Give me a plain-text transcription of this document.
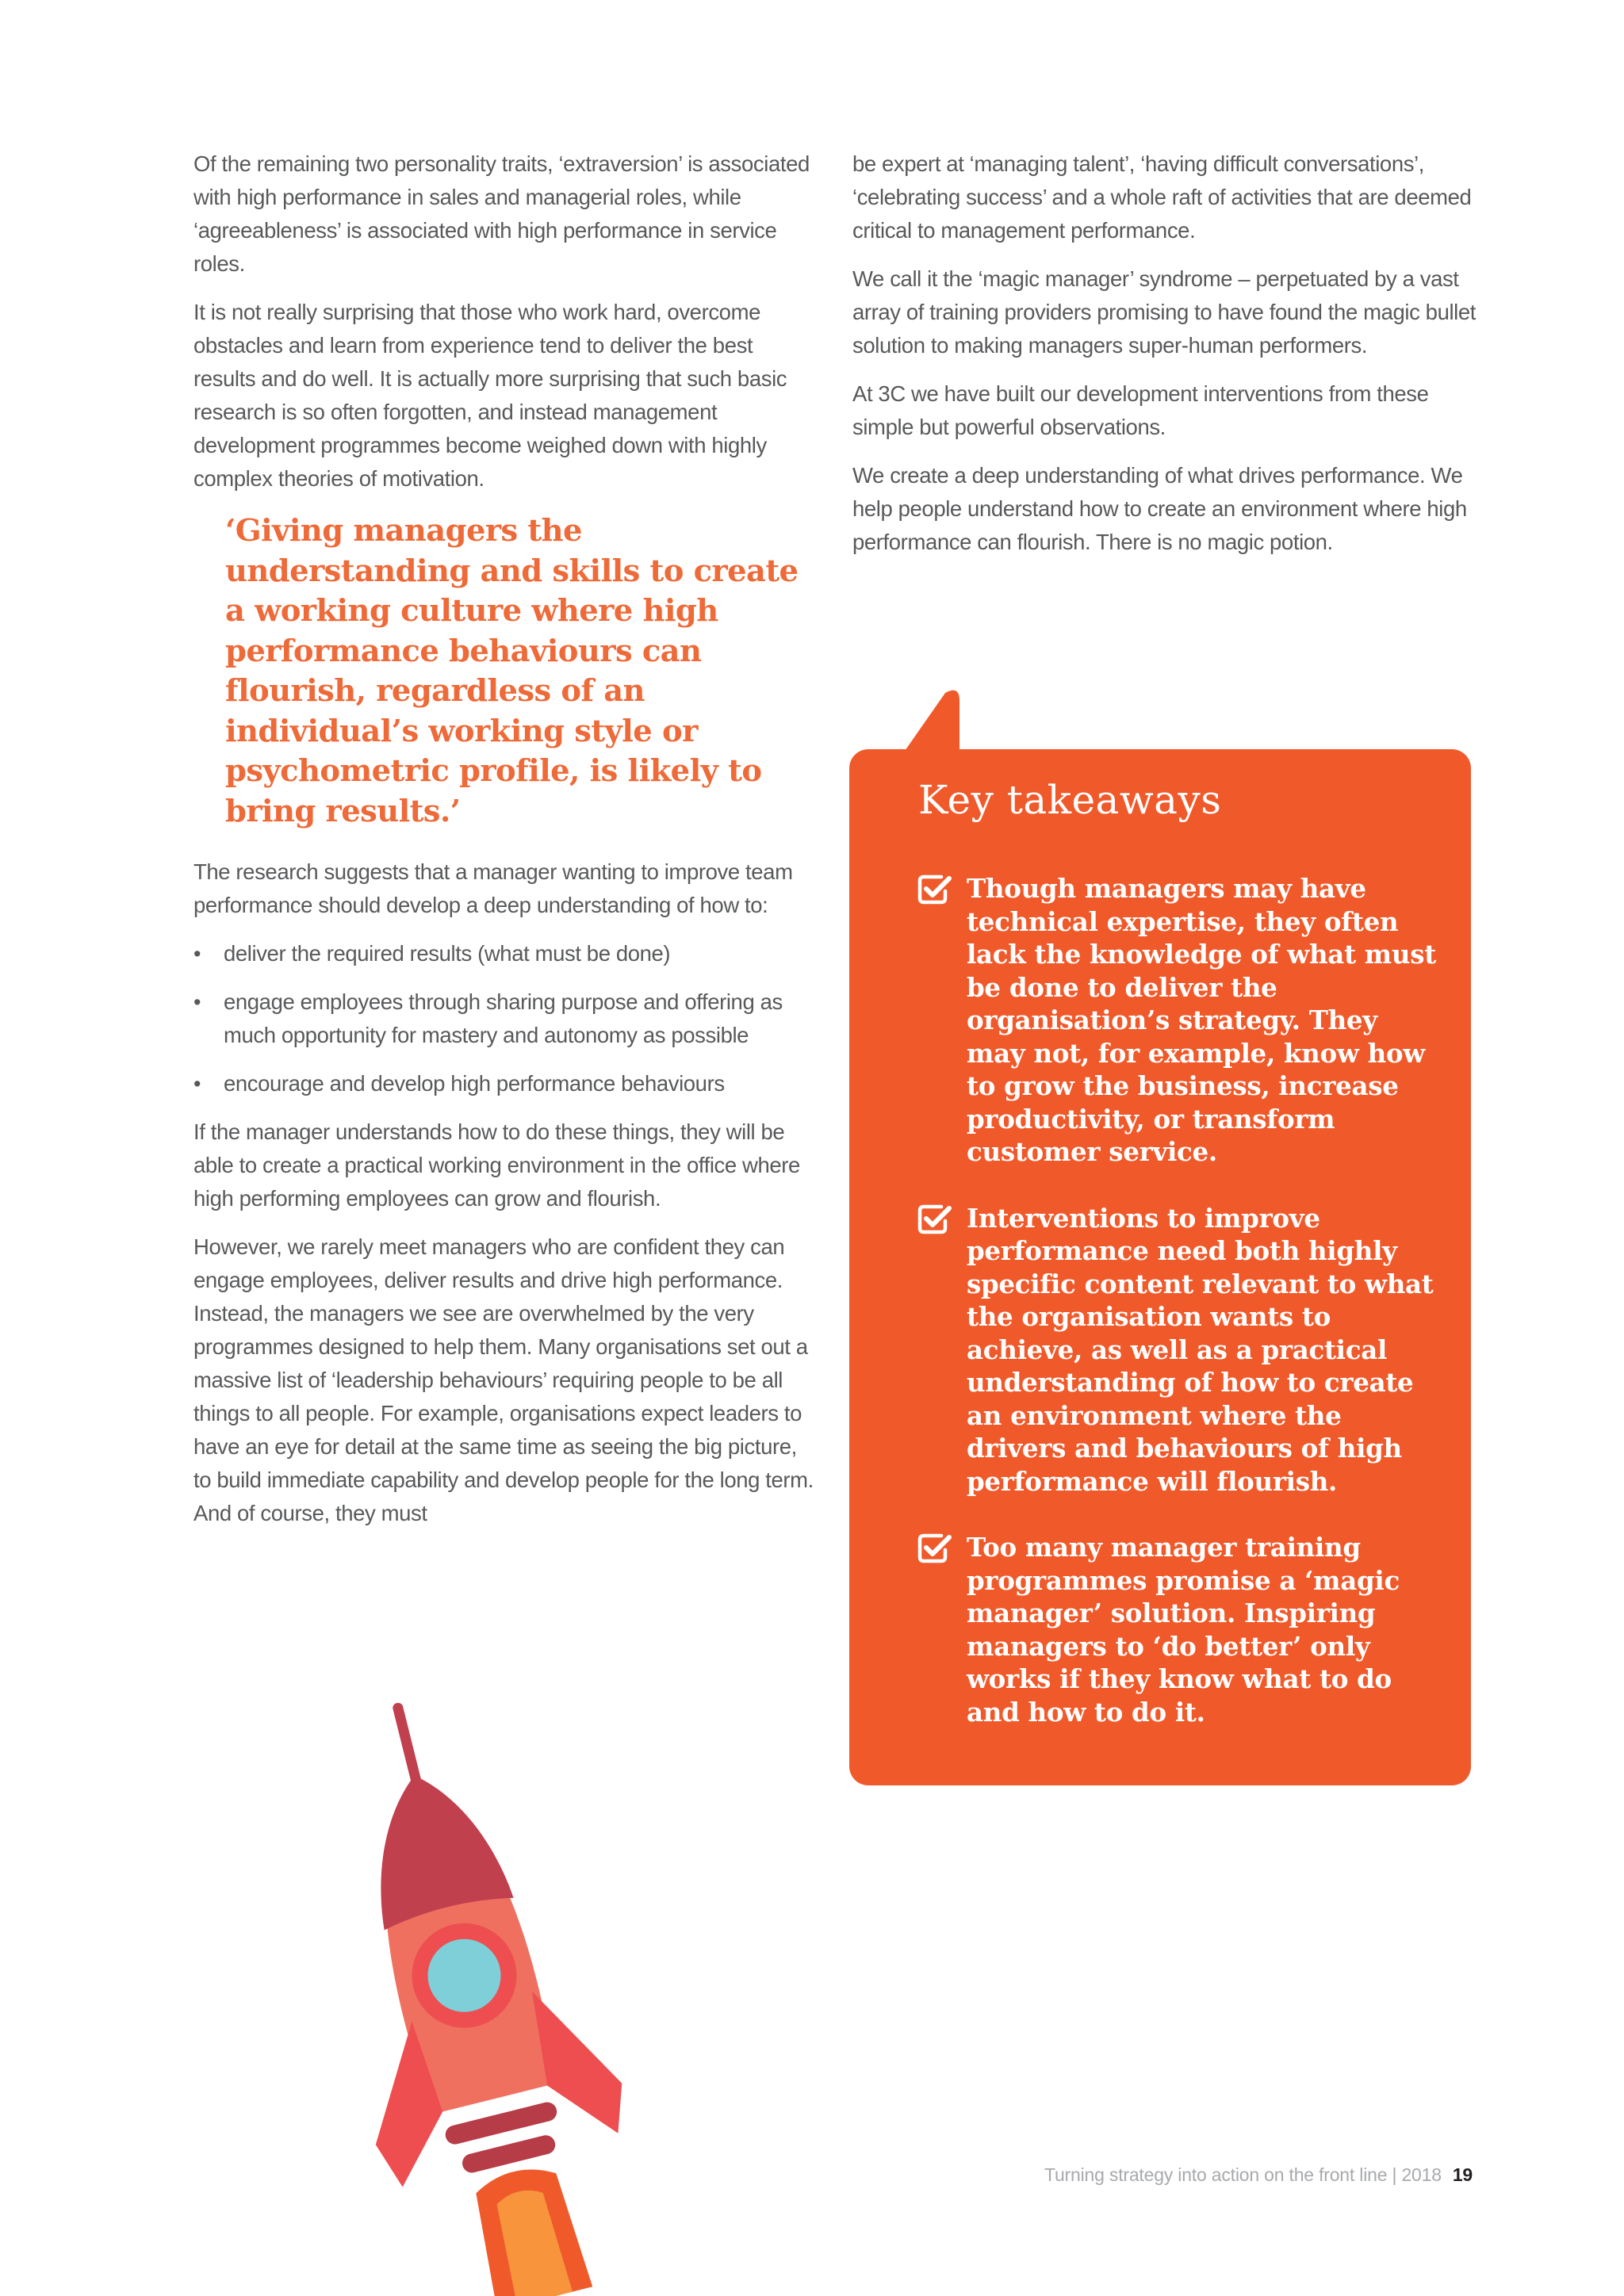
Of the remaining two personality traits, ‘extraversion’ is associated with high performance in sales and managerial roles, while ‘agreeableness’ is associated with high performance in service roles.

It is not really surprising that those who work hard, overcome obstacles and learn from experience tend to deliver the best results and do well. It is actually more surprising that such basic research is so often forgotten, and instead management development programmes become weighed down with highly complex theories of motivation.

‘Giving managers the understanding and skills to create a working culture where high performance behaviours can flourish, regardless of an individual’s working style or psychometric profile, is likely to bring results.’

The research suggests that a manager wanting to improve team performance should develop a deep understanding of how to:

• deliver the required results (what must be done)
• engage employees through sharing purpose and offering as much opportunity for mastery and autonomy as possible
• encourage and develop high performance behaviours

If the manager understands how to do these things, they will be able to create a practical working environment in the office where high performing employees can grow and flourish.

However, we rarely meet managers who are confident they can engage employees, deliver results and drive high performance. Instead, the managers we see are overwhelmed by the very programmes designed to help them. Many organisations set out a massive list of ‘leadership behaviours’ requiring people to be all things to all people. For example, organisations expect leaders to have an eye for detail at the same time as seeing the big picture, to build immediate capability and develop people for the long term. And of course, they must

be expert at ‘managing talent’, ‘having difficult conversations’, ‘celebrating success’ and a whole raft of activities that are deemed critical to management performance.

We call it the ‘magic manager’ syndrome – perpetuated by a vast array of training providers promising to have found the magic bullet solution to making managers super-human performers.

At 3C we have built our development interventions from these simple but powerful observations.

We create a deep understanding of what drives performance. We help people understand how to create an environment where high performance can flourish. There is no magic potion.

Key takeaways
Though managers may have technical expertise, they often lack the knowledge of what must be done to deliver the organisation’s strategy. They may not, for example, know how to grow the business, increase productivity, or transform customer service.
Interventions to improve performance need both highly specific content relevant to what the organisation wants to achieve, as well as a practical understanding of how to create an environment where the drivers and behaviours of high performance will flourish.
Too many manager training programmes promise a ‘magic manager’ solution. Inspiring managers to ‘do better’ only works if they know what to do and how to do it.
Turning strategy into action on the front line | 2018 19
